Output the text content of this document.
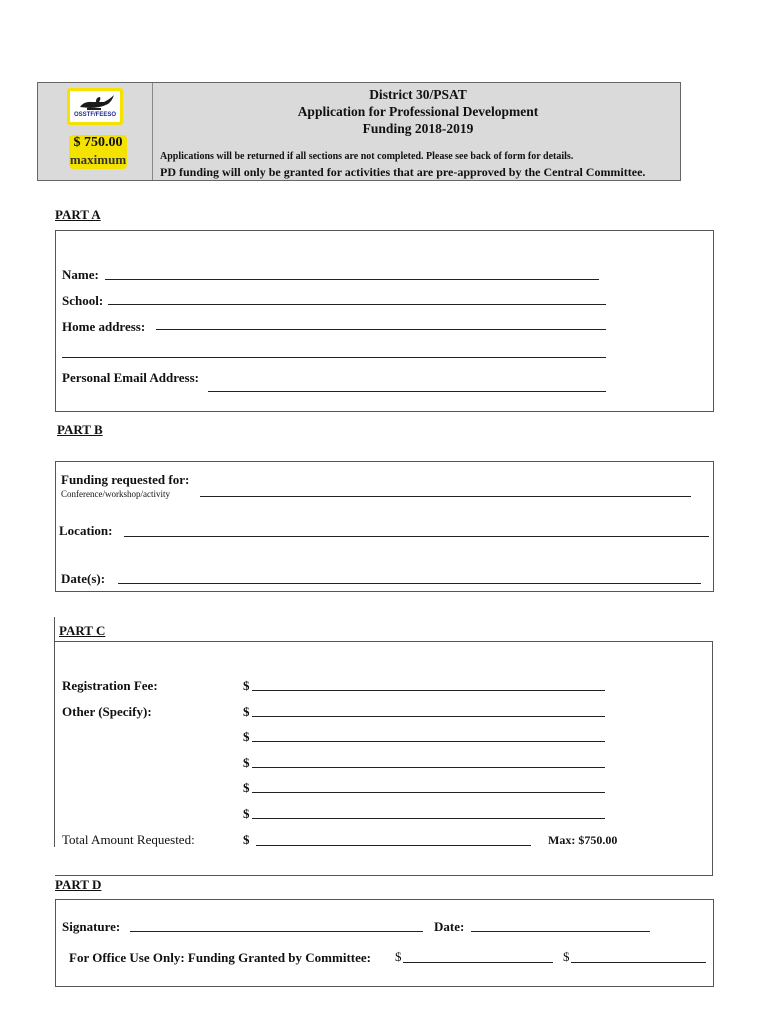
OSSTF/FEESO
$ 750.00
maximum
District 30/PSAT
Application for Professional Development
Funding 2018-2019
Applications will be returned if all sections are not completed. Please see back of form for details.
PD funding will only be granted for activities that are pre-approved by the Central Committee.
PART A
Name:
School:
Home address:
Personal Email Address:
PART B
Funding requested for:
Conference/workshop/activity
Location:
Date(s):
PART C
Registration Fee:	$
Other (Specify):	$
$
$
$
$
Total Amount Requested:	$	Max: $750.00
PART D
Signature:	Date:
For Office Use Only: Funding Granted by Committee: $	$
